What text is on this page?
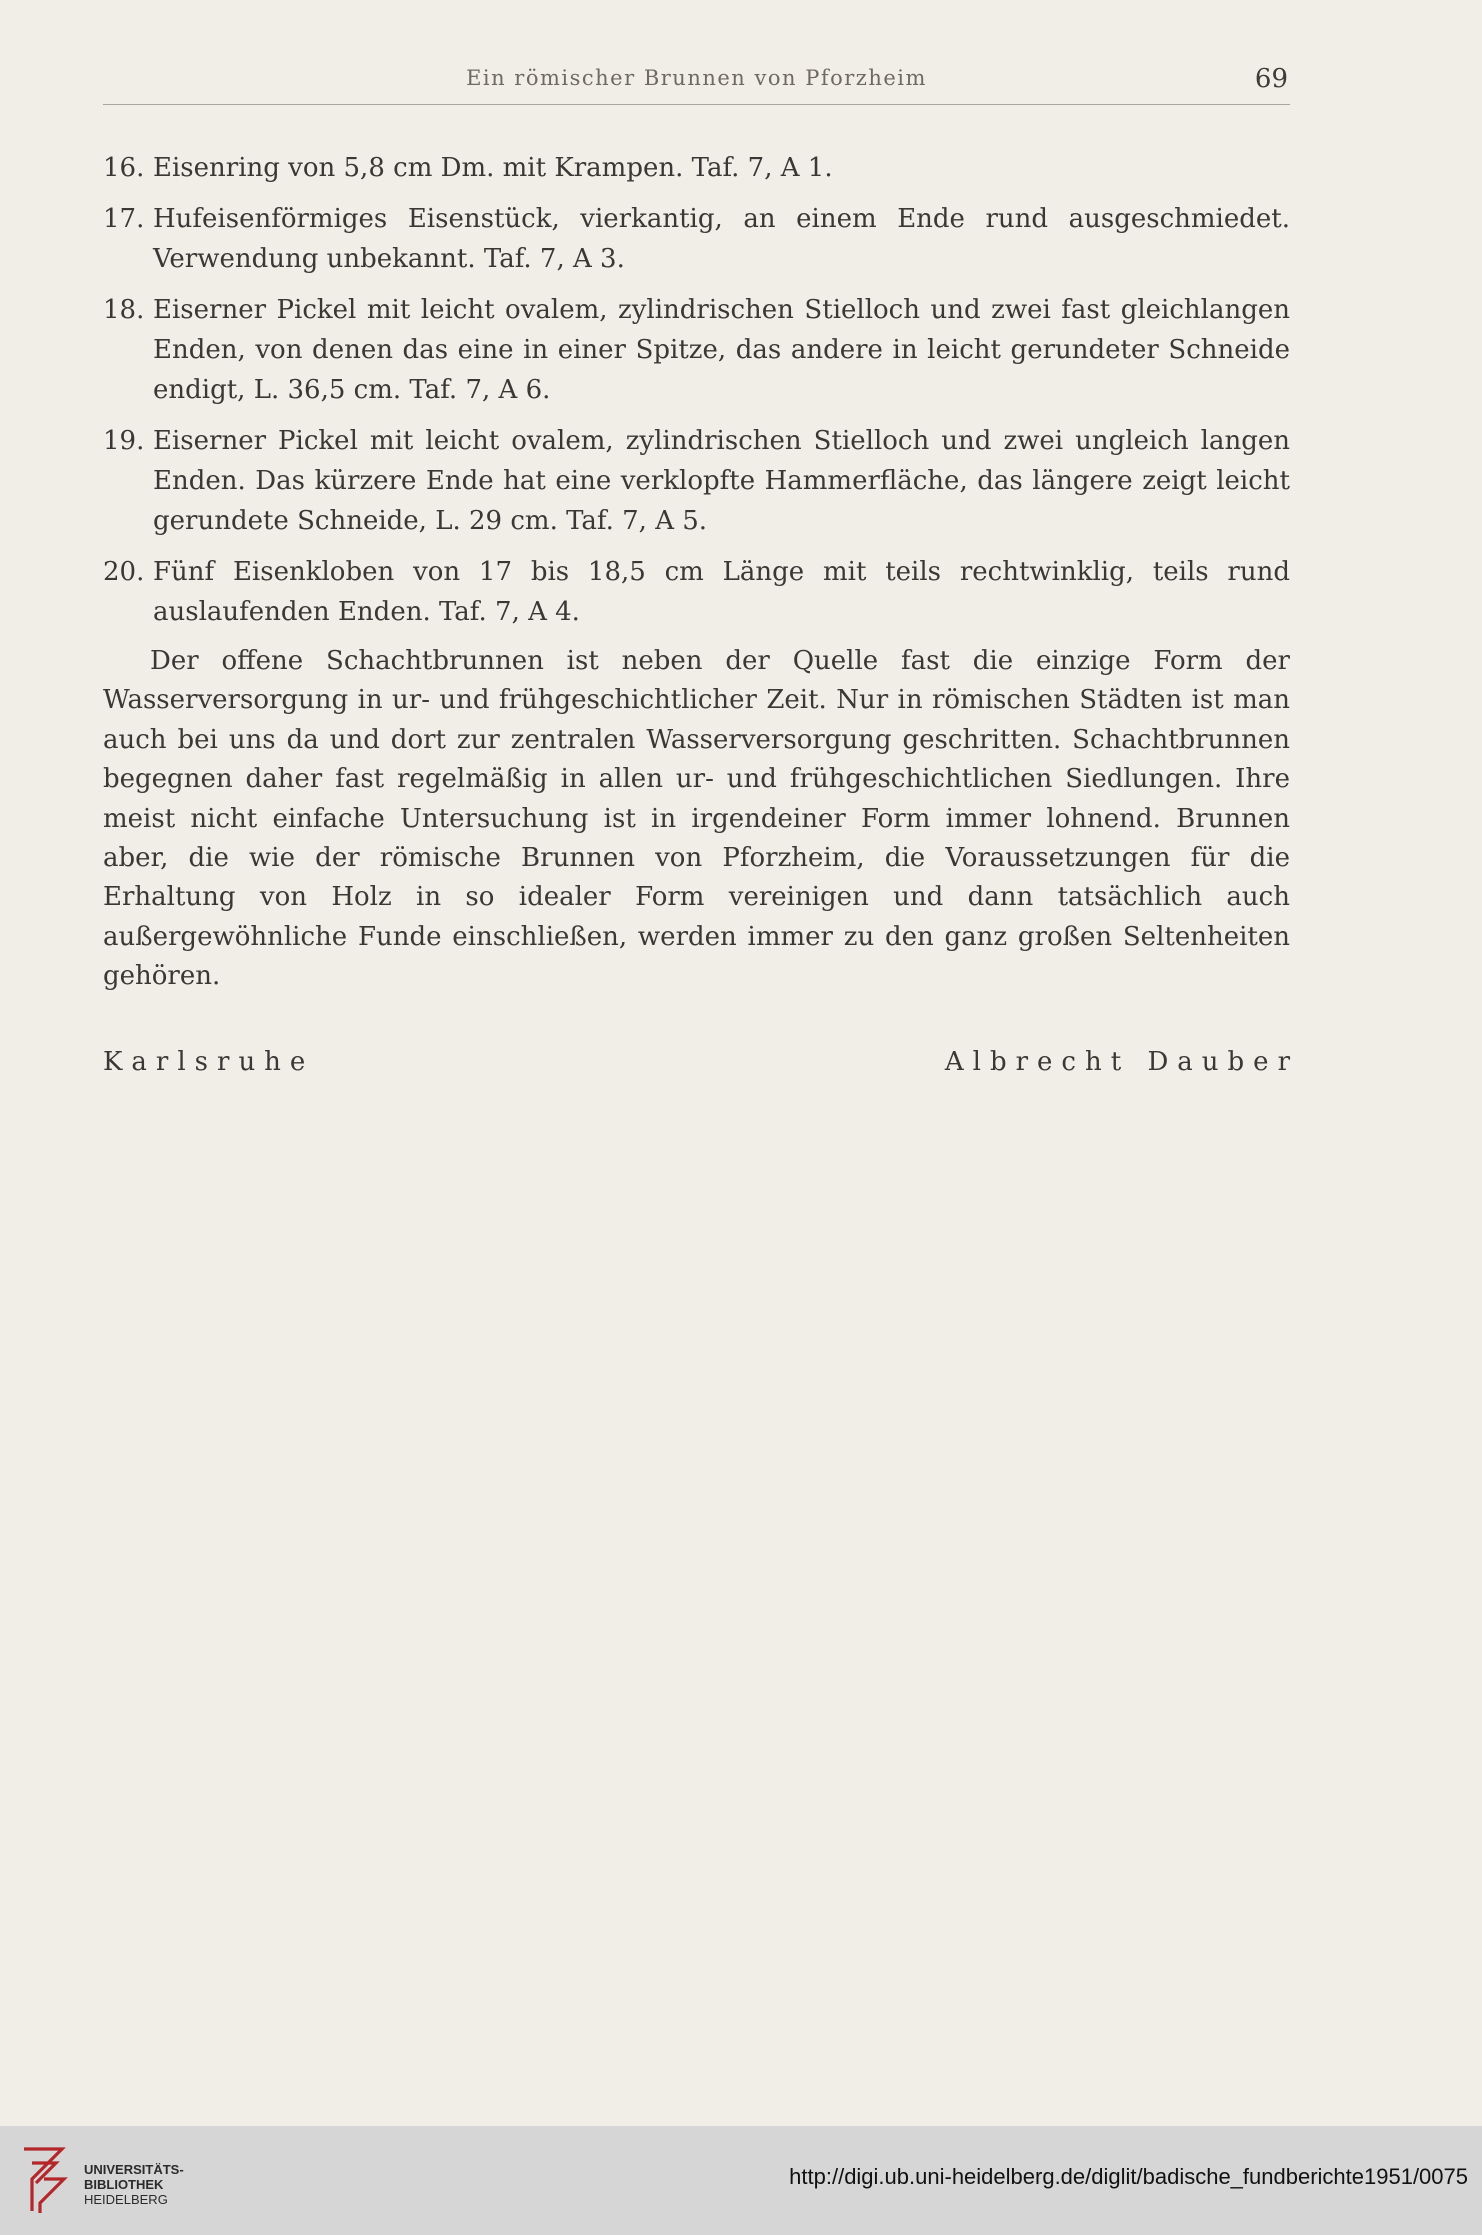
Ein römischer Brunnen von Pforzheim	69
16. Eisenring von 5,8 cm Dm. mit Krampen. Taf. 7, A 1.
17. Hufeisenförmiges Eisenstück, vierkantig, an einem Ende rund ausgeschmiedet. Verwendung unbekannt. Taf. 7, A 3.
18. Eiserner Pickel mit leicht ovalem, zylindrischen Stielloch und zwei fast gleichlangen Enden, von denen das eine in einer Spitze, das andere in leicht gerundeter Schneide endigt, L. 36,5 cm. Taf. 7, A 6.
19. Eiserner Pickel mit leicht ovalem, zylindrischen Stielloch und zwei ungleich langen Enden. Das kürzere Ende hat eine verklopfte Hammerfläche, das längere zeigt leicht gerundete Schneide, L. 29 cm. Taf. 7, A 5.
20. Fünf Eisenkloben von 17 bis 18,5 cm Länge mit teils rechtwinklig, teils rund auslaufenden Enden. Taf. 7, A 4.
Der offene Schachtbrunnen ist neben der Quelle fast die einzige Form der Wasserversorgung in ur- und frühgeschichtlicher Zeit. Nur in römischen Städten ist man auch bei uns da und dort zur zentralen Wasserversorgung geschritten. Schachtbrunnen begegnen daher fast regelmäßig in allen ur- und frühgeschichtlichen Siedlungen. Ihre meist nicht einfache Untersuchung ist in irgendeiner Form immer lohnend. Brunnen aber, die wie der römische Brunnen von Pforzheim, die Voraussetzungen für die Erhaltung von Holz in so idealer Form vereinigen und dann tatsächlich auch außergewöhnliche Funde einschließen, werden immer zu den ganz großen Seltenheiten gehören.
Karlsruhe	Albrecht Dauber
UNIVERSITÄTS-
BIBLIOTHEK
HEIDELBERG
http://digi.ub.uni-heidelberg.de/diglit/badische_fundberichte1951/0075
